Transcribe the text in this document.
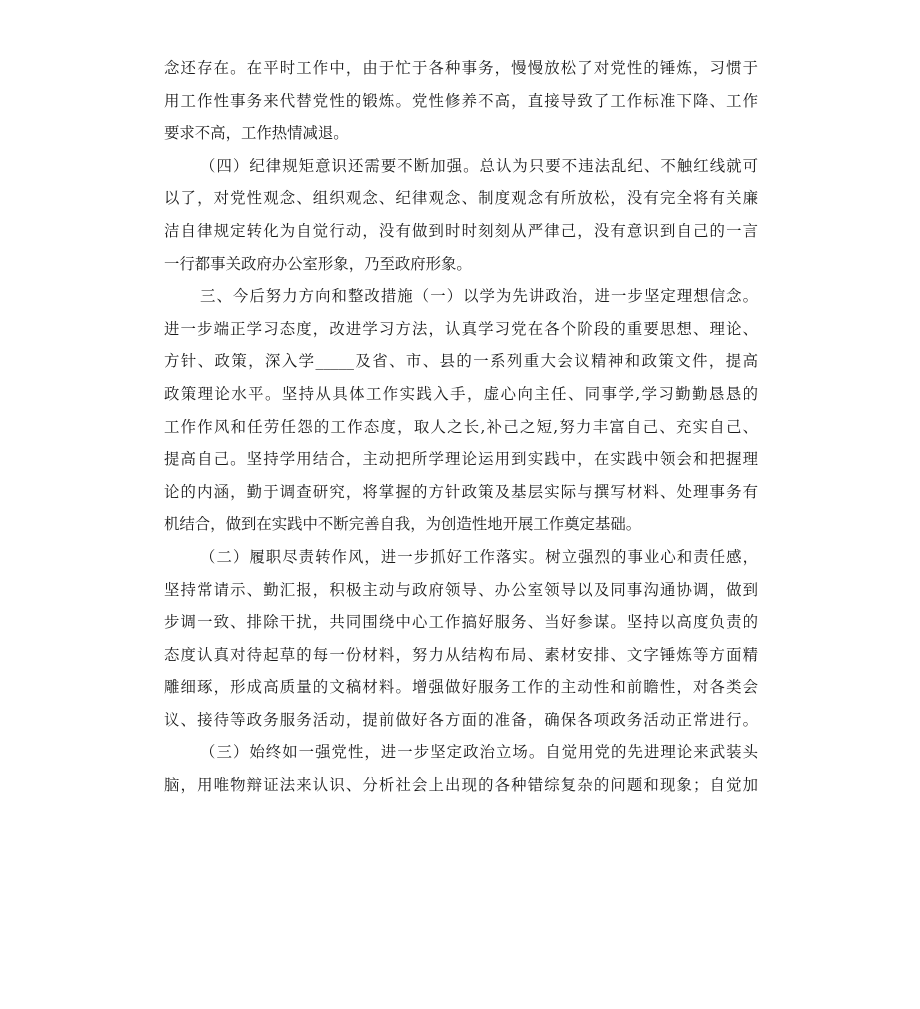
念还存在。在平时工作中，由于忙于各种事务，慢慢放松了对党性的锤炼，习惯于
用工作性事务来代替党性的锻炼。党性修养不高，直接导致了工作标准下降、工作
要求不高，工作热情减退。
（四）纪律规矩意识还需要不断加强。总认为只要不违法乱纪、不触红线就可
以了，对党性观念、组织观念、纪律观念、制度观念有所放松，没有完全将有关廉
洁自律规定转化为自觉行动，没有做到时时刻刻从严律己，没有意识到自己的一言
一行都事关政府办公室形象，乃至政府形象。
三、今后努力方向和整改措施（一）以学为先讲政治，进一步坚定理想信念。
进一步端正学习态度，改进学习方法，认真学习党在各个阶段的重要思想、理论、
方针、政策，深入学_____及省、市、县的一系列重大会议精神和政策文件，提高
政策理论水平。坚持从具体工作实践入手，虚心向主任、同事学,学习勤勤恳恳的
工作作风和任劳任怨的工作态度，取人之长,补己之短,努力丰富自己、充实自己、
提高自己。坚持学用结合，主动把所学理论运用到实践中，在实践中领会和把握理
论的内涵，勤于调查研究，将掌握的方针政策及基层实际与撰写材料、处理事务有
机结合，做到在实践中不断完善自我，为创造性地开展工作奠定基础。
（二）履职尽责转作风，进一步抓好工作落实。树立强烈的事业心和责任感，
坚持常请示、勤汇报，积极主动与政府领导、办公室领导以及同事沟通协调，做到
步调一致、排除干扰，共同围绕中心工作搞好服务、当好参谋。坚持以高度负责的
态度认真对待起草的每一份材料，努力从结构布局、素材安排、文字锤炼等方面精
雕细琢，形成高质量的文稿材料。增强做好服务工作的主动性和前瞻性，对各类会
议、接待等政务服务活动，提前做好各方面的准备，确保各项政务活动正常进行。
（三）始终如一强党性，进一步坚定政治立场。自觉用党的先进理论来武装头
脑，用唯物辩证法来认识、分析社会上出现的各种错综复杂的问题和现象；自觉加
